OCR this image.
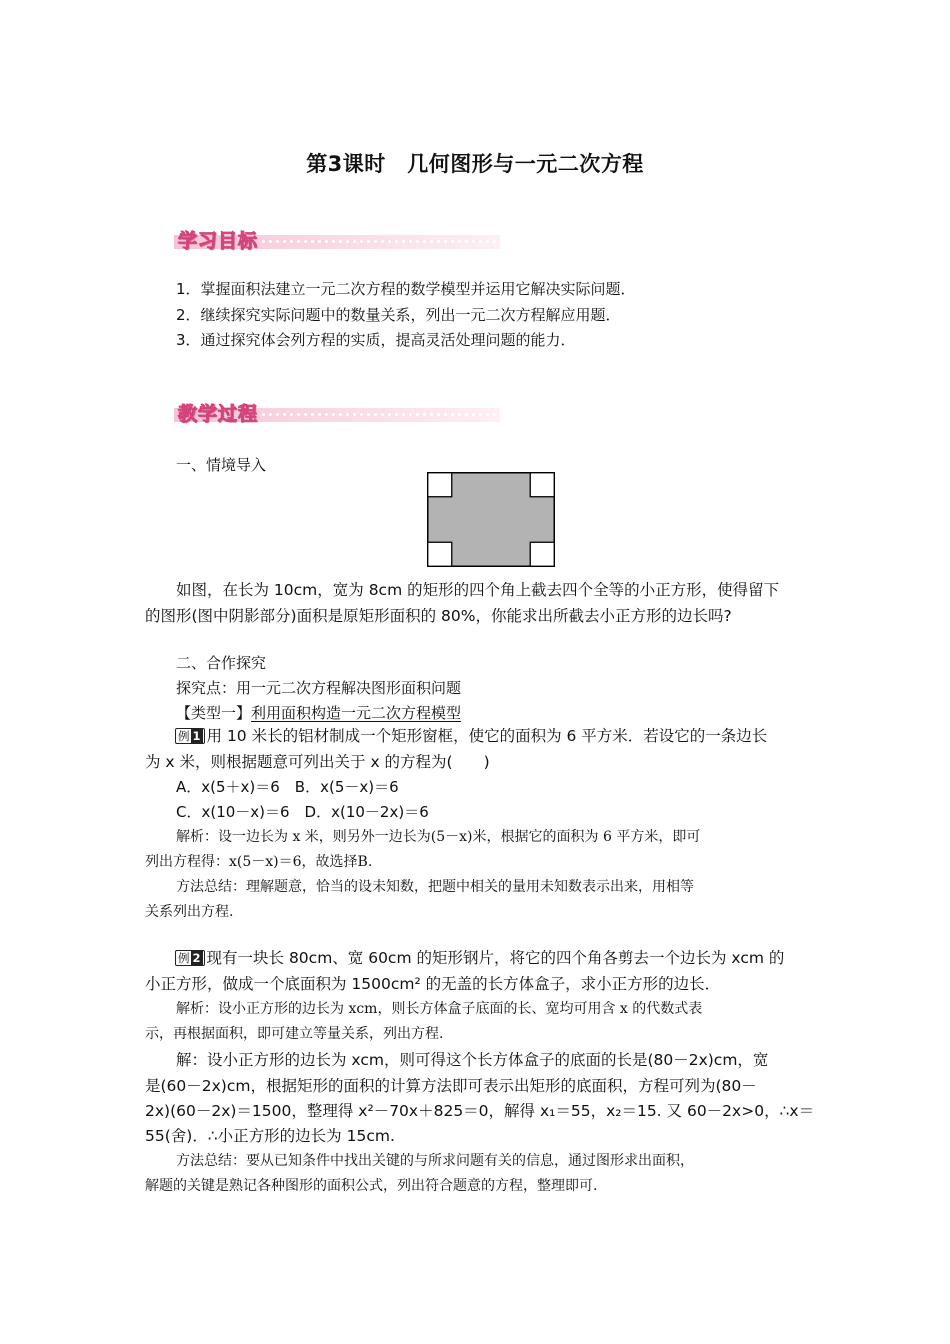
第3课时　几何图形与一元二次方程
学习目标
1．掌握面积法建立一元二次方程的数学模型并运用它解决实际问题．
2．继续探究实际问题中的数量关系，列出一元二次方程解应用题．
3．通过探究体会列方程的实质，提高灵活处理问题的能力．
教学过程
一、情境导入
如图，在长为 10cm，宽为 8cm 的矩形的四个角上截去四个全等的小正方形，使得留下
的图形(图中阴影部分)面积是原矩形面积的 80%，你能求出所截去小正方形的边长吗?
二、合作探究
探究点：用一元二次方程解决图形面积问题
【类型一】利用面积构造一元二次方程模型
例 1 用 10 米长的铝材制成一个矩形窗框，使它的面积为 6 平方米．若设它的一条边长
为 x 米，则根据题意可列出关于 x 的方程为(　　)
A．x(5＋x)＝6　B．x(5－x)＝6
C．x(10－x)＝6　D．x(10－2x)＝6
解析：设一边长为 x 米，则另外一边长为(5－x)米，根据它的面积为 6 平方米，即可
列出方程得：x(5－x)＝6，故选择B.
方法总结：理解题意，恰当的设未知数，把题中相关的量用未知数表示出来，用相等
关系列出方程.
例 2 现有一块长 80cm、宽 60cm 的矩形钢片，将它的四个角各剪去一个边长为 xcm 的
小正方形，做成一个底面积为 1500cm² 的无盖的长方体盒子，求小正方形的边长．
解析：设小正方形的边长为 xcm，则长方体盒子底面的长、宽均可用含 x 的代数式表
示，再根据面积，即可建立等量关系，列出方程.
解：设小正方形的边长为 xcm，则可得这个长方体盒子的底面的长是(80－2x)cm，宽
是(60－2x)cm，根据矩形的面积的计算方法即可表示出矩形的底面积，方程可列为(80－
2x)(60－2x)＝1500，整理得 x²－70x＋825＝0，解得 x₁＝55，x₂＝15. 又 60－2x>0，∴x＝
55(舍)．∴小正方形的边长为 15cm.
方法总结：要从已知条件中找出关键的与所求问题有关的信息，通过图形求出面积，
解题的关键是熟记各种图形的面积公式，列出符合题意的方程，整理即可.
